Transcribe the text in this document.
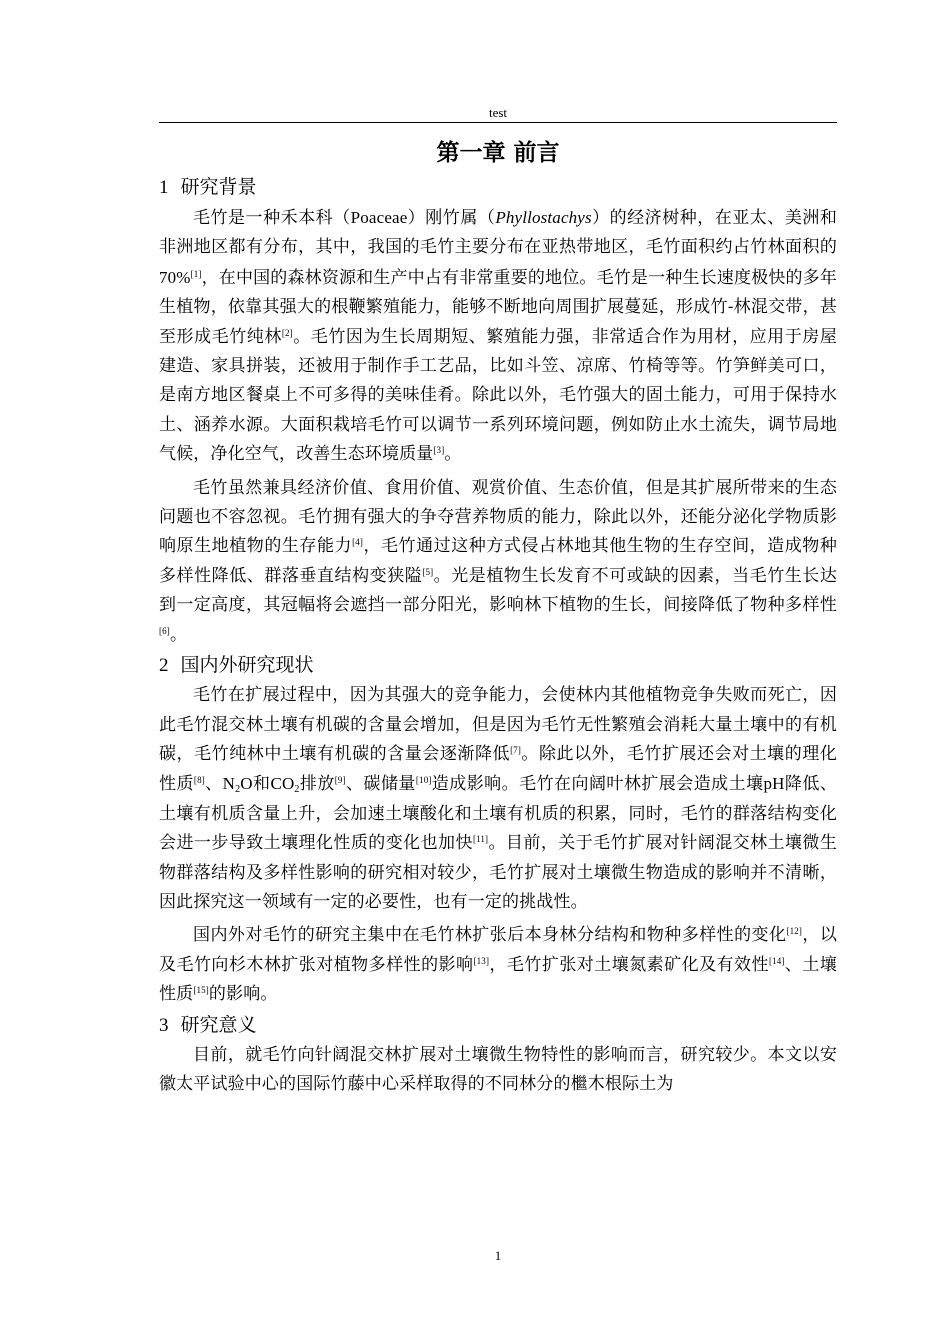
test
第一章 前言
1 研究背景

毛竹是一种禾本科（Poaceae）刚竹属（Phyllostachys）的经济树种，在亚太、美洲和非洲地区都有分布，其中，我国的毛竹主要分布在亚热带地区，毛竹面积约占竹林面积的70%[1]，在中国的森林资源和生产中占有非常重要的地位。毛竹是一种生长速度极快的多年生植物，依靠其强大的根鞭繁殖能力，能够不断地向周围扩展蔓延，形成竹-林混交带，甚至形成毛竹纯林[2]。毛竹因为生长周期短、繁殖能力强，非常适合作为用材，应用于房屋建造、家具拼装，还被用于制作手工艺品，比如斗笠、凉席、竹椅等等。竹笋鲜美可口，是南方地区餐桌上不可多得的美味佳肴。除此以外，毛竹强大的固土能力，可用于保持水土、涵养水源。大面积栽培毛竹可以调节一系列环境问题，例如防止水土流失，调节局地气候，净化空气，改善生态环境质量[3]。

毛竹虽然兼具经济价值、食用价值、观赏价值、生态价值，但是其扩展所带来的生态问题也不容忽视。毛竹拥有强大的争夺营养物质的能力，除此以外，还能分泌化学物质影响原生地植物的生存能力[4]，毛竹通过这种方式侵占林地其他生物的生存空间，造成物种多样性降低、群落垂直结构变狭隘[5]。光是植物生长发育不可或缺的因素，当毛竹生长达到一定高度，其冠幅将会遮挡一部分阳光，影响林下植物的生长，间接降低了物种多样性[6]。

2 国内外研究现状

毛竹在扩展过程中，因为其强大的竞争能力，会使林内其他植物竞争失败而死亡，因此毛竹混交林土壤有机碳的含量会增加，但是因为毛竹无性繁殖会消耗大量土壤中的有机碳，毛竹纯林中土壤有机碳的含量会逐渐降低[7]。除此以外，毛竹扩展还会对土壤的理化性质[8]、$N_2O$和$CO_2$排放[9]、碳储量[10]造成影响。毛竹在向阔叶林扩展会造成土壤pH降低、土壤有机质含量上升，会加速土壤酸化和土壤有机质的积累，同时，毛竹的群落结构变化会进一步导致土壤理化性质的变化也加快[11]。目前，关于毛竹扩展对针阔混交林土壤微生物群落结构及多样性影响的研究相对较少，毛竹扩展对土壤微生物造成的影响并不清晰，因此探究这一领域有一定的必要性，也有一定的挑战性。

国内外对毛竹的研究主集中在毛竹林扩张后本身林分结构和物种多样性的变化[12]，以及毛竹向杉木林扩张对植物多样性的影响[13]，毛竹扩张对土壤氮素矿化及有效性[14]、土壤性质[15]的影响。

3 研究意义

目前，就毛竹向针阔混交林扩展对土壤微生物特性的影响而言，研究较少。本文以安徽太平试验中心的国际竹藤中心采样取得的不同林分的檵木根际土为

1
